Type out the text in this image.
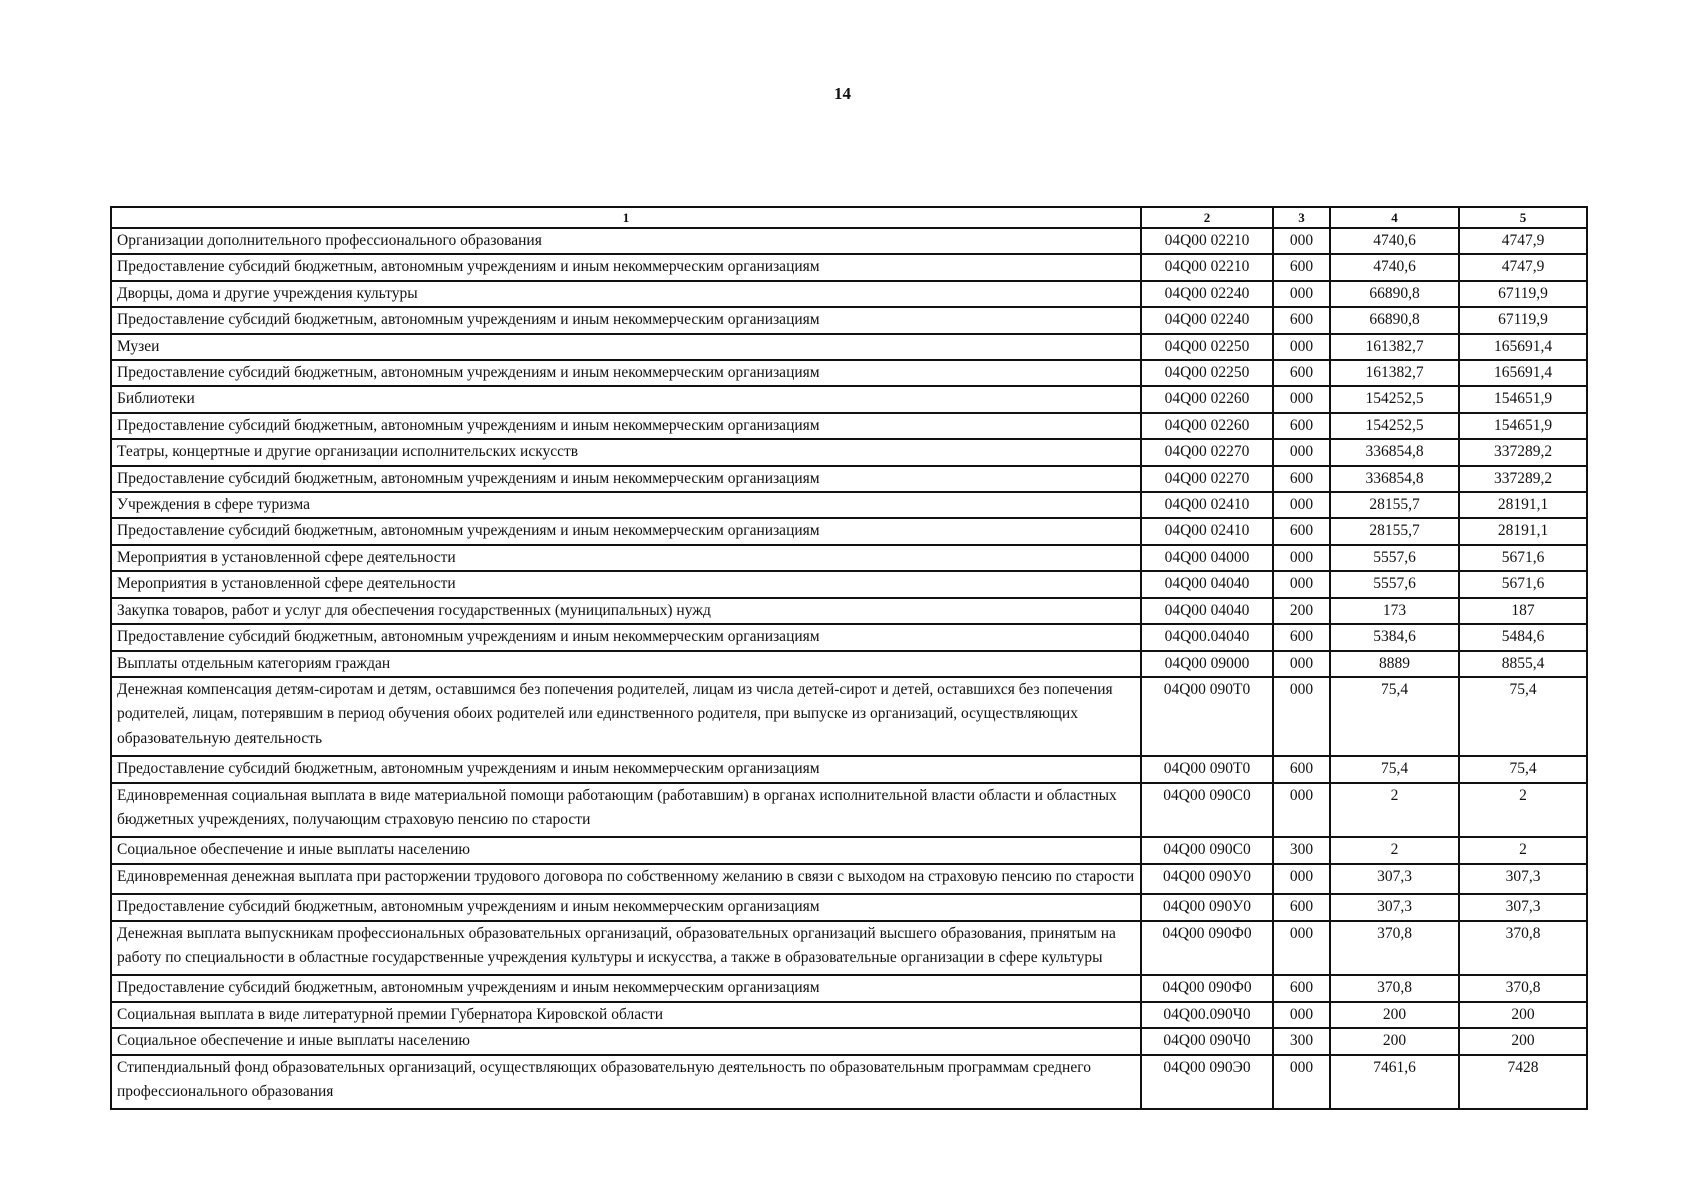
14
1	2	3	4	5
Организации дополнительного профессионального образования	04Q00 02210	000	4740,6	4747,9
Предоставление субсидий бюджетным, автономным учреждениям и иным некоммерческим организациям	04Q00 02210	600	4740,6	4747,9
Дворцы, дома и другие учреждения культуры	04Q00 02240	000	66890,8	67119,9
Предоставление субсидий бюджетным, автономным учреждениям и иным некоммерческим организациям	04Q00 02240	600	66890,8	67119,9
Музеи	04Q00 02250	000	161382,7	165691,4
Предоставление субсидий бюджетным, автономным учреждениям и иным некоммерческим организациям	04Q00 02250	600	161382,7	165691,4
Библиотеки	04Q00 02260	000	154252,5	154651,9
Предоставление субсидий бюджетным, автономным учреждениям и иным некоммерческим организациям	04Q00 02260	600	154252,5	154651,9
Театры, концертные и другие организации исполнительских искусств	04Q00 02270	000	336854,8	337289,2
Предоставление субсидий бюджетным, автономным учреждениям и иным некоммерческим организациям	04Q00 02270	600	336854,8	337289,2
Учреждения в сфере туризма	04Q00 02410	000	28155,7	28191,1
Предоставление субсидий бюджетным, автономным учреждениям и иным некоммерческим организациям	04Q00 02410	600	28155,7	28191,1
Мероприятия в установленной сфере деятельности	04Q00 04000	000	5557,6	5671,6
Мероприятия в установленной сфере деятельности	04Q00 04040	000	5557,6	5671,6
Закупка товаров, работ и услуг для обеспечения государственных (муниципальных) нужд	04Q00 04040	200	173	187
Предоставление субсидий бюджетным, автономным учреждениям и иным некоммерческим организациям	04Q00.04040	600	5384,6	5484,6
Выплаты отдельным категориям граждан	04Q00 09000	000	8889	8855,4
Денежная компенсация детям-сиротам и детям, оставшимся без попечения родителей, лицам из числа детей-сирот и детей, оставшихся без попечения родителей, лицам, потерявшим в период обучения обоих родителей или единственного родителя, при выпуске из организаций, осуществляющих образовательную деятельность	04Q00 090Т0	000	75,4	75,4
Предоставление субсидий бюджетным, автономным учреждениям и иным некоммерческим организациям	04Q00 090Т0	600	75,4	75,4
Единовременная социальная выплата в виде материальной помощи работающим (работавшим) в органах исполнительной власти области и областных бюджетных учреждениях, получающим страховую пенсию по старости	04Q00 090С0	000	2	2
Социальное обеспечение и иные выплаты населению	04Q00 090С0	300	2	2
Единовременная денежная выплата при расторжении трудового договора по собственному желанию в связи с выходом на страховую пенсию по старости	04Q00 090У0	000	307,3	307,3
Предоставление субсидий бюджетным, автономным учреждениям и иным некоммерческим организациям	04Q00 090У0	600	307,3	307,3
Денежная выплата выпускникам профессиональных образовательных организаций, образовательных организаций высшего образования, принятым на работу по специальности в областные государственные учреждения культуры и искусства, а также в образовательные организации в сфере культуры	04Q00 090Ф0	000	370,8	370,8
Предоставление субсидий бюджетным, автономным учреждениям и иным некоммерческим организациям	04Q00 090Ф0	600	370,8	370,8
Социальная выплата в виде литературной премии Губернатора Кировской области	04Q00.090Ч0	000	200	200
Социальное обеспечение и иные выплаты населению	04Q00 090Ч0	300	200	200
Стипендиальный фонд образовательных организаций, осуществляющих образовательную деятельность по образовательным программам среднего профессионального образования	04Q00 090Э0	000	7461,6	7428
